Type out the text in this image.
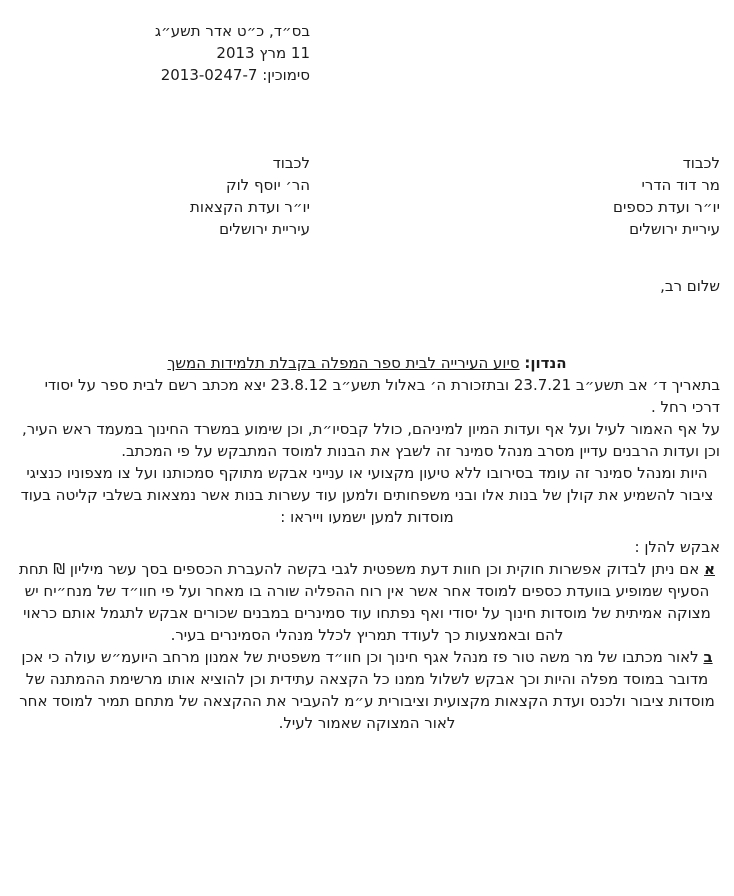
בס״ד, כ״ט אדר תשע״ג
11 מרץ 2013
סימוכין: 2013-0247-7
לכבוד
מר דוד הדרי
יו״ר ועדת כספים
עיריית ירושלים
לכבוד
הר׳ יוסף לוק
יו״ר ועדת הקצאות
עיריית ירושלים
שלום רב,
הנדון: סיוע העירייה לבית ספר המפלה בקבלת תלמידות המשך

בתאריך ד׳ אב תשע״ב 23.7.21 ובתזכורת ה׳ באלול תשע״ב 23.8.12 יצא מכתב רשם לבית ספר על יסודי דרכי רחל .

על אף האמור לעיל ועל אף ועדות המיון למיניהם, כולל קבסיו״ת, וכן שימוע במשרד החינוך במעמד ראש העיר, וכן ועדות הרבנים עדיין מסרב מנהל סמינר זה לשבץ את הבנות למוסד המתבקש על פי המכתב.

היות ומנהל סמינר זה עומד בסירובו ללא טיעון מקצועי או ענייני אבקש מתוקף סמכותנו ועל צו מצפוניו כנציגי ציבור להשמיע את קולן של בנות אלו ובני משפחותים ולמען עוד עשרות בנות אשר נמצאות בשלבי קליטה בעוד מוסדות למען ישמעו וייראו :

אבקש להלן :

א אם ניתן לבדוק אפשרות חוקית וכן חוות דעת משפטית לגבי בקשה להעברת הכספים בסך עשר מיליון ₪ תחת הסעיף שמופיע בוועדת כספים למוסד אחר אשר אין רוח ההפליה שורה בו מאחר ועל פי חוו״ד של מנח״יח יש מצוקה אמיתית של מוסדות חינוך על יסודי ואף נפתחו עוד סמינרים במבנים שכורים אבקש לתגמל אותם כראוי להם ובאמצעות כך לעודד תמריץ לכלל מנהלי הסמינרים בעיר.

ב לאור מכתבו של מר משה טור פז מנהל אגף חינוך וכן חוו״ד משפטית של אמנון מרחב היועמ״ש עולה כי אכן מדובר במוסד מפלה והיות וכך אבקש לשלול ממנו כל הקצאה עתידית וכן להוציא אותו מרשימת ההמתנה של מוסדות ציבור ולכנס ועדת הקצאות מקצועית וציבורית ע״מ להעביר את ההקצאה של מתחם תמיר למוסד אחר לאור המצוקה שאמור לעיל.
